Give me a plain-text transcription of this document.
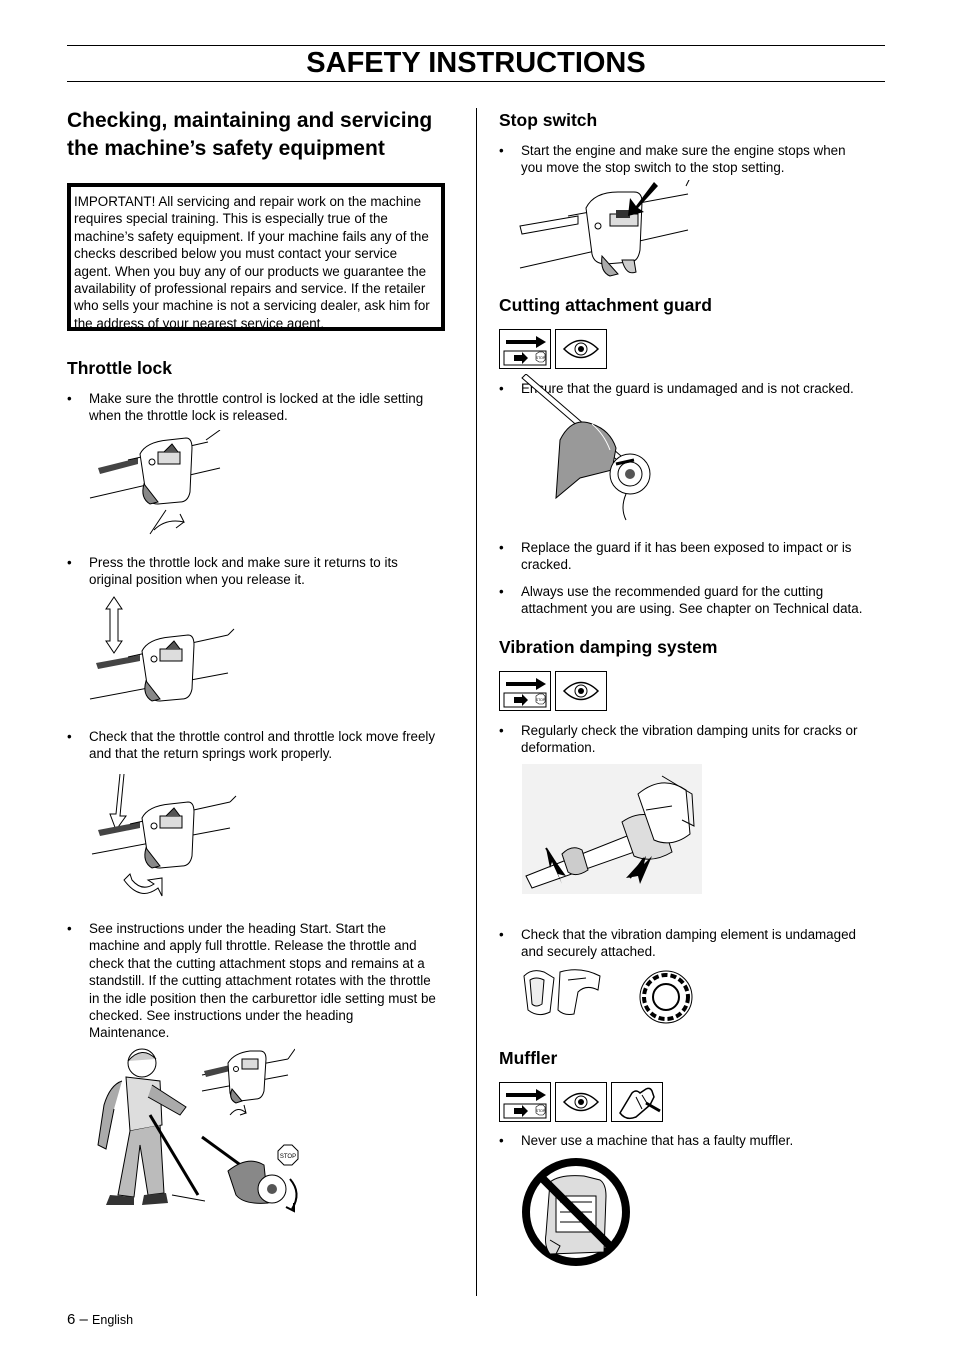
SAFETY INSTRUCTIONS
Checking, maintaining and servicing
the machine’s safety equipment
IMPORTANT! All servicing and repair work on the machine
requires special training. This is especially true of the
machine’s safety equipment. If your machine fails any of the
checks described below you must contact your service
agent. When you buy any of our products we guarantee the
availability of professional repairs and service. If the retailer
who sells your machine is not a servicing dealer, ask him for
the address of your nearest service agent.
Throttle lock
• Make sure the throttle control is locked at the idle setting
when the throttle lock is released.
• Press the throttle lock and make sure it returns to its
original position when you release it.
• Check that the throttle control and throttle lock move freely
and that the return springs work properly.
• See instructions under the heading Start. Start the
machine and apply full throttle. Release the throttle and
check that the cutting attachment stops and remains at a
standstill. If the cutting attachment rotates with the throttle
in the idle position then the carburettor idle setting must be
checked. See instructions under the heading
Maintenance.
STOP
Stop switch
• Start the engine and make sure the engine stops when
you move the stop switch to the stop setting.
Cutting attachment guard
STOP
• Ensure that the guard is undamaged and is not cracked.
• Replace the guard if it has been exposed to impact or is
cracked.
• Always use the recommended guard for the cutting
attachment you are using. See chapter on Technical data.
Vibration damping system
STOP
• Regularly check the vibration damping units for cracks or
deformation.
• Check that the vibration damping element is undamaged
and securely attached.
Muffler
STOP
• Never use a machine that has a faulty muffler.
6 – English
